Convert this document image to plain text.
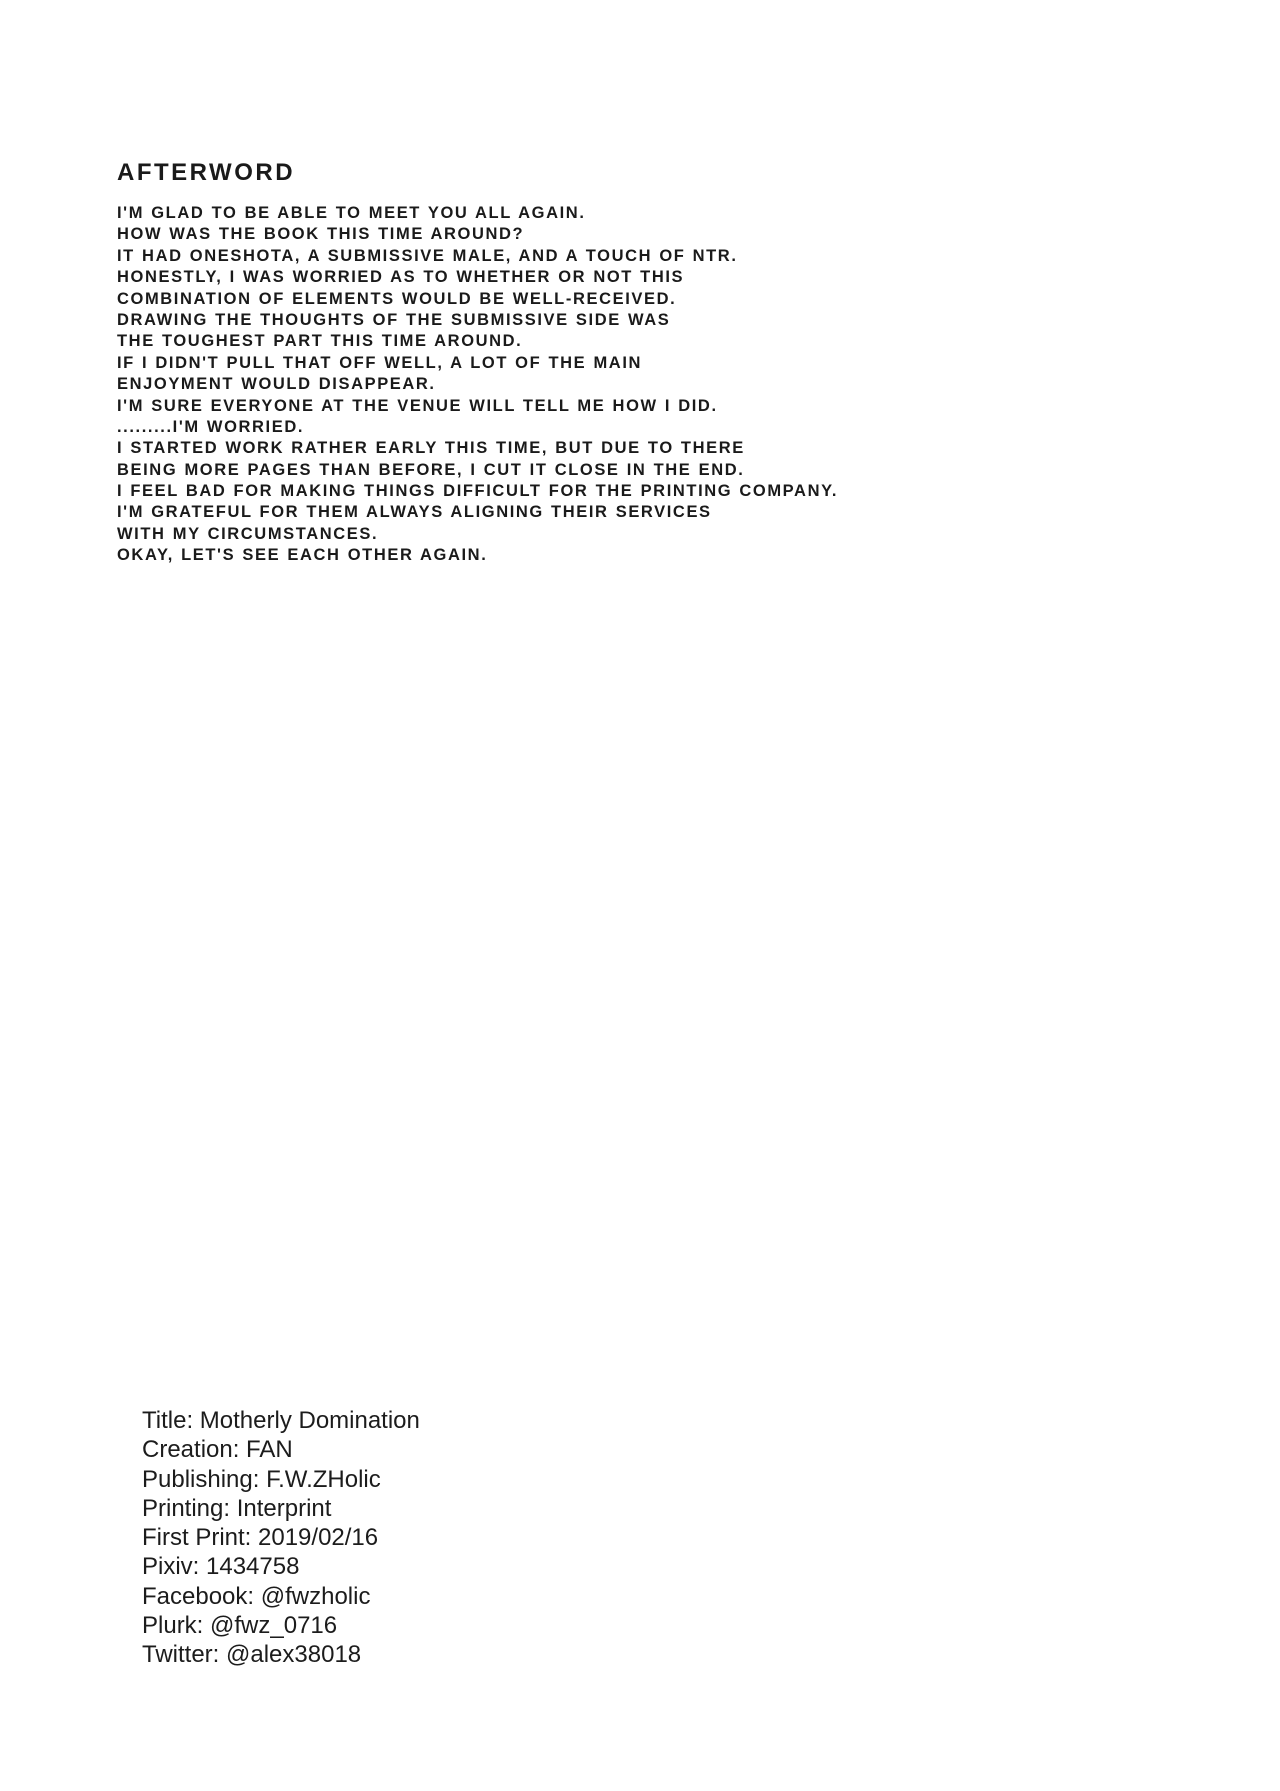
AFTERWORD
I'M GLAD TO BE ABLE TO MEET YOU ALL AGAIN.
HOW WAS THE BOOK THIS TIME AROUND?
IT HAD ONESHOTA, A SUBMISSIVE MALE, AND A TOUCH OF NTR.
HONESTLY, I WAS WORRIED AS TO WHETHER OR NOT THIS
COMBINATION OF ELEMENTS WOULD BE WELL-RECEIVED.
DRAWING THE THOUGHTS OF THE SUBMISSIVE SIDE WAS
THE TOUGHEST PART THIS TIME AROUND.
IF I DIDN'T PULL THAT OFF WELL, A LOT OF THE MAIN
ENJOYMENT WOULD DISAPPEAR.
I'M SURE EVERYONE AT THE VENUE WILL TELL ME HOW I DID.
.........I'M WORRIED.
I STARTED WORK RATHER EARLY THIS TIME, BUT DUE TO THERE
BEING MORE PAGES THAN BEFORE, I CUT IT CLOSE IN THE END.
I FEEL BAD FOR MAKING THINGS DIFFICULT FOR THE PRINTING COMPANY.
I'M GRATEFUL FOR THEM ALWAYS ALIGNING THEIR SERVICES
WITH MY CIRCUMSTANCES.
OKAY, LET'S SEE EACH OTHER AGAIN.
Title: Motherly Domination
Creation: FAN
Publishing: F.W.ZHolic
Printing: Interprint
First Print: 2019/02/16
Pixiv: 1434758
Facebook: @fwzholic
Plurk: @fwz_0716
Twitter: @alex38018
